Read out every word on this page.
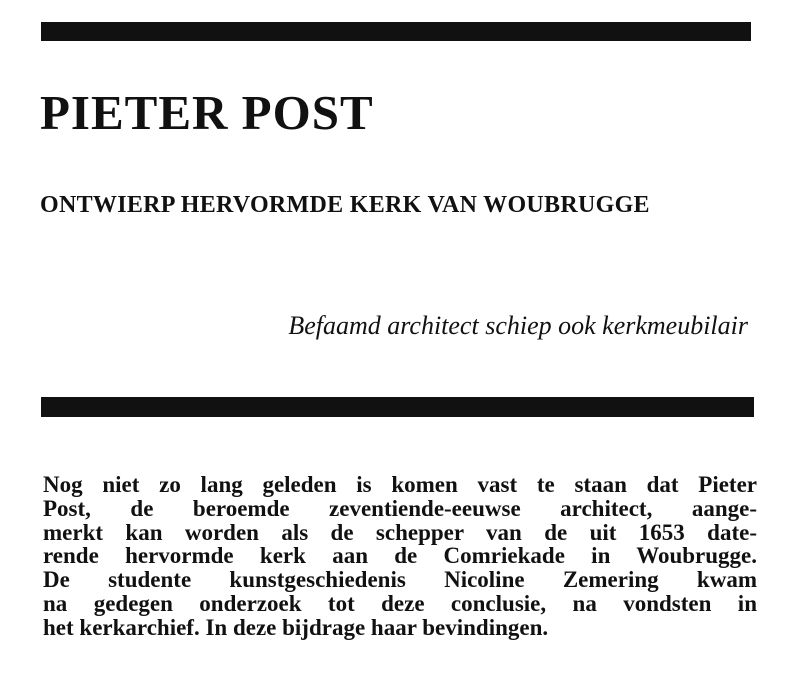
PIETER POST
ONTWIERP HERVORMDE KERK VAN WOUBRUGGE

Befaamd architect schiep ook kerkmeubilair

Nog niet zo lang geleden is komen vast te staan dat Pieter
Post, de beroemde zeventiende-eeuwse architect, aange-
merkt kan worden als de schepper van de uit 1653 date-
rende hervormde kerk aan de Comriekade in Woubrugge.
De studente kunstgeschiedenis Nicoline Zemering kwam
na gedegen onderzoek tot deze conclusie, na vondsten in
het kerkarchief. In deze bijdrage haar bevindingen.
